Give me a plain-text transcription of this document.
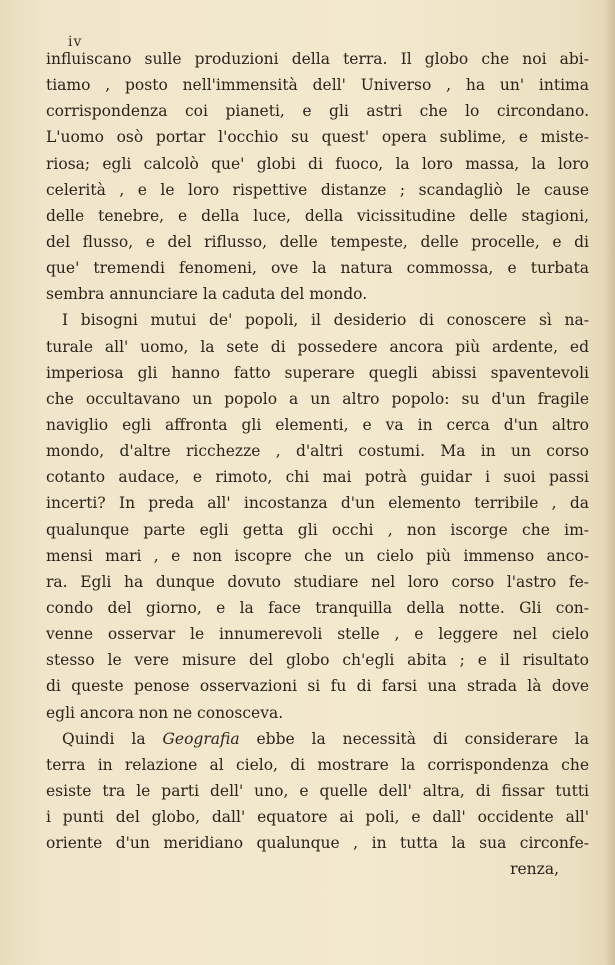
iv
influiscano sulle produzioni della terra. Il globo che noi abi-
tiamo , posto nell'immensità dell' Universo , ha un' intima
corrispondenza coi pianeti, e gli astri che lo circondano.
L'uomo osò portar l'occhio su quest' opera sublime, e miste-
riosa; egli calcolò que' globi di fuoco, la loro massa, la loro
celerità , e le loro rispettive distanze ; scandagliò le cause
delle tenebre, e della luce, della vicissitudine delle stagioni,
del flusso, e del riflusso, delle tempeste, delle procelle, e di
que' tremendi fenomeni, ove la natura commossa, e turbata
sembra annunciare la caduta del mondo.
I bisogni mutui de' popoli, il desiderio di conoscere sì na-
turale all' uomo, la sete di possedere ancora più ardente, ed
imperiosa gli hanno fatto superare quegli abissi spaventevoli
che occultavano un popolo a un altro popolo: su d'un fragile
naviglio egli affronta gli elementi, e va in cerca d'un altro
mondo, d'altre ricchezze , d'altri costumi. Ma in un corso
cotanto audace, e rimoto, chi mai potrà guidar i suoi passi
incerti? In preda all' incostanza d'un elemento terribile , da
qualunque parte egli getta gli occhi , non iscorge che im-
mensi mari , e non iscopre che un cielo più immenso anco-
ra. Egli ha dunque dovuto studiare nel loro corso l'astro fe-
condo del giorno, e la face tranquilla della notte. Gli con-
venne osservar le innumerevoli stelle , e leggere nel cielo
stesso le vere misure del globo ch'egli abita ; e il risultato
di queste penose osservazioni si fu di farsi una strada là dove
egli ancora non ne conosceva.
Quindi la Geografia ebbe la necessità di considerare la
terra in relazione al cielo, di mostrare la corrispondenza che
esiste tra le parti dell' uno, e quelle dell' altra, di fissar tutti
i punti del globo, dall' equatore ai poli, e dall' occidente all'
oriente d'un meridiano qualunque , in tutta la sua circonfe-
renza,
